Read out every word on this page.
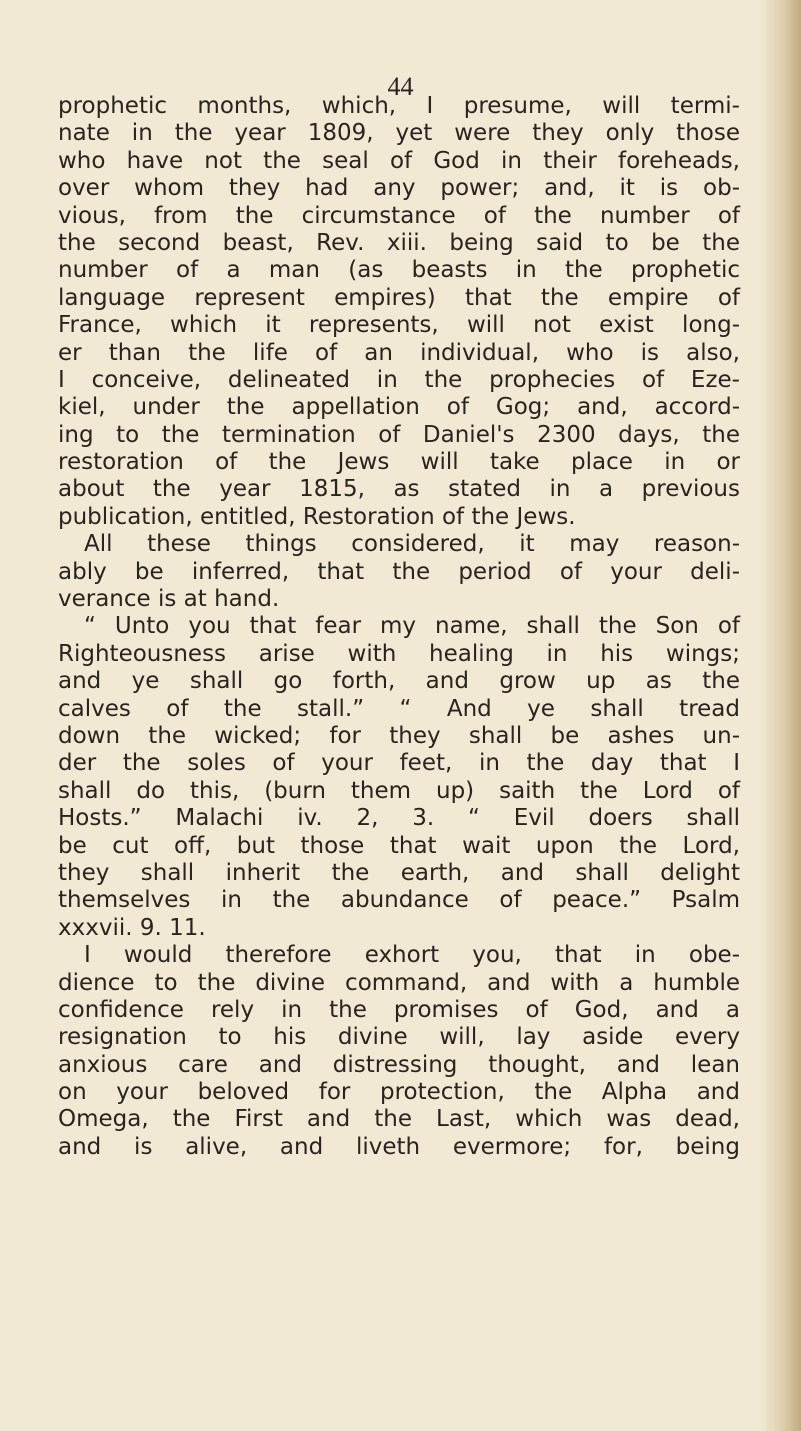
44

prophetic months, which, I presume, will termi-
nate in the year 1809, yet were they only those
who have not the seal of God in their foreheads,
over whom they had any power; and, it is ob-
vious, from the circumstance of the number of
the second beast, Rev. xiii. being said to be the
number of a man (as beasts in the prophetic
language represent empires) that the empire of
France, which it represents, will not exist long-
er than the life of an individual, who is also,
I conceive, delineated in the prophecies of Eze-
kiel, under the appellation of Gog; and, accord-
ing to the termination of Daniel's 2300 days, the
restoration of the Jews will take place in or
about the year 1815, as stated in a previous
publication, entitled, Restoration of the Jews.
All these things considered, it may reason-
ably be inferred, that the period of your deli-
verance is at hand.
“ Unto you that fear my name, shall the Son of
Righteousness arise with healing in his wings;
and ye shall go forth, and grow up as the
calves of the stall.” “ And ye shall tread
down the wicked; for they shall be ashes un-
der the soles of your feet, in the day that I
shall do this, (burn them up) saith the Lord of
Hosts.” Malachi iv. 2, 3. “ Evil doers shall
be cut off, but those that wait upon the Lord,
they shall inherit the earth, and shall delight
themselves in the abundance of peace.” Psalm
xxxvii. 9. 11.
I would therefore exhort you, that in obe-
dience to the divine command, and with a humble
confidence rely in the promises of God, and a
resignation to his divine will, lay aside every
anxious care and distressing thought, and lean
on your beloved for protection, the Alpha and
Omega, the First and the Last, which was dead,
and is alive, and liveth evermore; for, being
